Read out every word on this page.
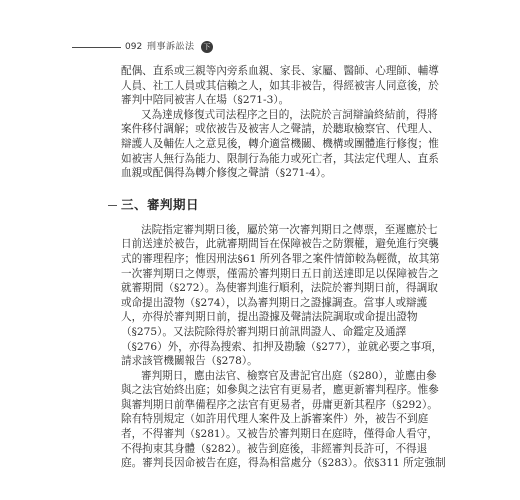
092 刑事訴訟法	下
配偶、直系或三親等內旁系血親、家長、家屬、醫師、心理師、輔導
人員、社工人員或其信賴之人，如其非被告，得經被害人同意後，於
審判中陪同被害人在場（§271-3）。
又為達成修復式司法程序之目的，法院於言詞辯論終結前，得將
案件移付調解；或依被告及被害人之聲請，於聽取檢察官、代理人、
辯護人及輔佐人之意見後，轉介適當機關、機構或團體進行修復；惟
如被害人無行為能力、限制行為能力或死亡者，其法定代理人、直系
血親或配偶得為轉介修復之聲請（§271-4）。
三、審判期日
法院指定審判期日後，屬於第一次審判期日之傳票，至遲應於七
日前送達於被告，此就審期間旨在保障被告之防禦權，避免進行突襲
式的審理程序；惟因刑法§61 所列各罪之案件情節較為輕微，故其第
一次審判期日之傳票，僅需於審判期日五日前送達即足以保障被告之
就審期間（§272）。為使審判進行順利，法院於審判期日前，得調取
或命提出證物（§274），以為審判期日之證據調查。當事人或辯護
人，亦得於審判期日前，提出證據及聲請法院調取或命提出證物
（§275）。又法院除得於審判期日前訊問證人、命鑑定及通譯
（§276）外，亦得為搜索、扣押及勘驗（§277），並就必要之事項，
請求該管機關報告（§278）。
審判期日，應由法官、檢察官及書記官出庭（§280），並應由參
與之法官始終出庭；如參與之法官有更易者，應更新審判程序。惟參
與審判期日前準備程序之法官有更易者，毋庸更新其程序（§292）。
除有特別規定（如許用代理人案件及上訴審案件）外，被告不到庭
者，不得審判（§281）。又被告於審判期日在庭時，僅得命人看守，
不得拘束其身體（§282）。被告到庭後，非經審判長許可，不得退
庭。審判長因命被告在庭，得為相當處分（§283）。依§311 所定強制
